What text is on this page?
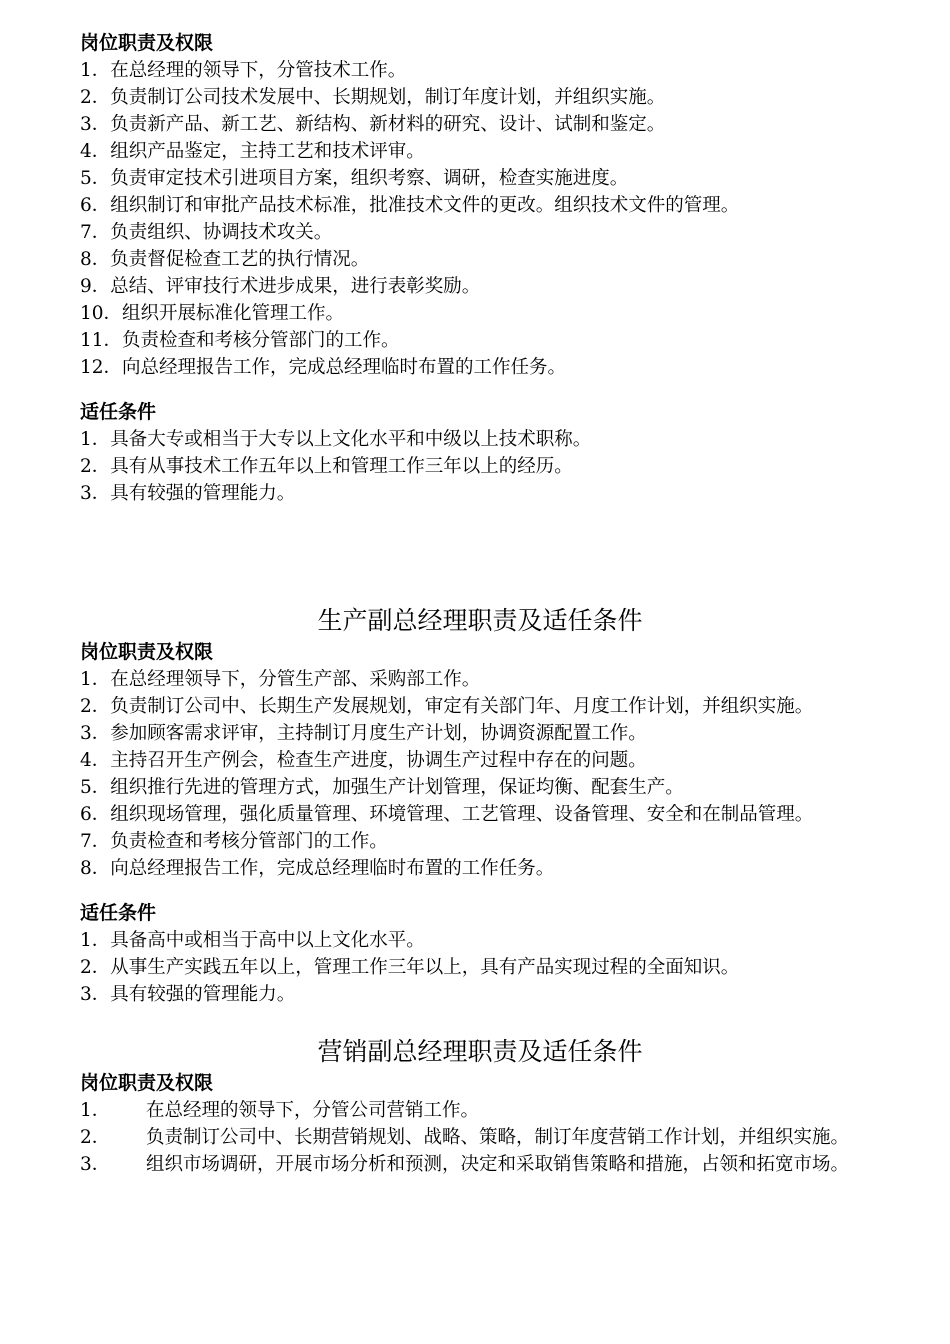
岗位职责及权限
1． 在总经理的领导下，分管技术工作。
2． 负责制订公司技术发展中、长期规划，制订年度计划，并组织实施。
3． 负责新产品、新工艺、新结构、新材料的研究、设计、试制和鉴定。
4． 组织产品鉴定，主持工艺和技术评审。
5． 负责审定技术引进项目方案，组织考察、调研，检查实施进度。
6． 组织制订和审批产品技术标准，批准技术文件的更改。组织技术文件的管理。
7． 负责组织、协调技术攻关。
8． 负责督促检查工艺的执行情况。
9． 总结、评审技行术进步成果，进行表彰奖励。
10． 组织开展标准化管理工作。
11． 负责检查和考核分管部门的工作。
12． 向总经理报告工作，完成总经理临时布置的工作任务。
适任条件
1． 具备大专或相当于大专以上文化水平和中级以上技术职称。
2． 具有从事技术工作五年以上和管理工作三年以上的经历。
3． 具有较强的管理能力。
生产副总经理职责及适任条件
岗位职责及权限
1． 在总经理领导下，分管生产部、采购部工作。
2． 负责制订公司中、长期生产发展规划，审定有关部门年、月度工作计划，并组织实施。
3． 参加顾客需求评审，主持制订月度生产计划，协调资源配置工作。
4． 主持召开生产例会，检查生产进度，协调生产过程中存在的问题。
5． 组织推行先进的管理方式，加强生产计划管理，保证均衡、配套生产。
6． 组织现场管理，强化质量管理、环境管理、工艺管理、设备管理、安全和在制品管理。
7． 负责检查和考核分管部门的工作。
8． 向总经理报告工作，完成总经理临时布置的工作任务。
适任条件
1． 具备高中或相当于高中以上文化水平。
2． 从事生产实践五年以上，管理工作三年以上，具有产品实现过程的全面知识。
3． 具有较强的管理能力。
营销副总经理职责及适任条件
岗位职责及权限
1．	在总经理的领导下，分管公司营销工作。
2．	负责制订公司中、长期营销规划、战略、策略，制订年度营销工作计划，并组织实施。
3．	组织市场调研，开展市场分析和预测，决定和采取销售策略和措施，占领和拓宽市场。
